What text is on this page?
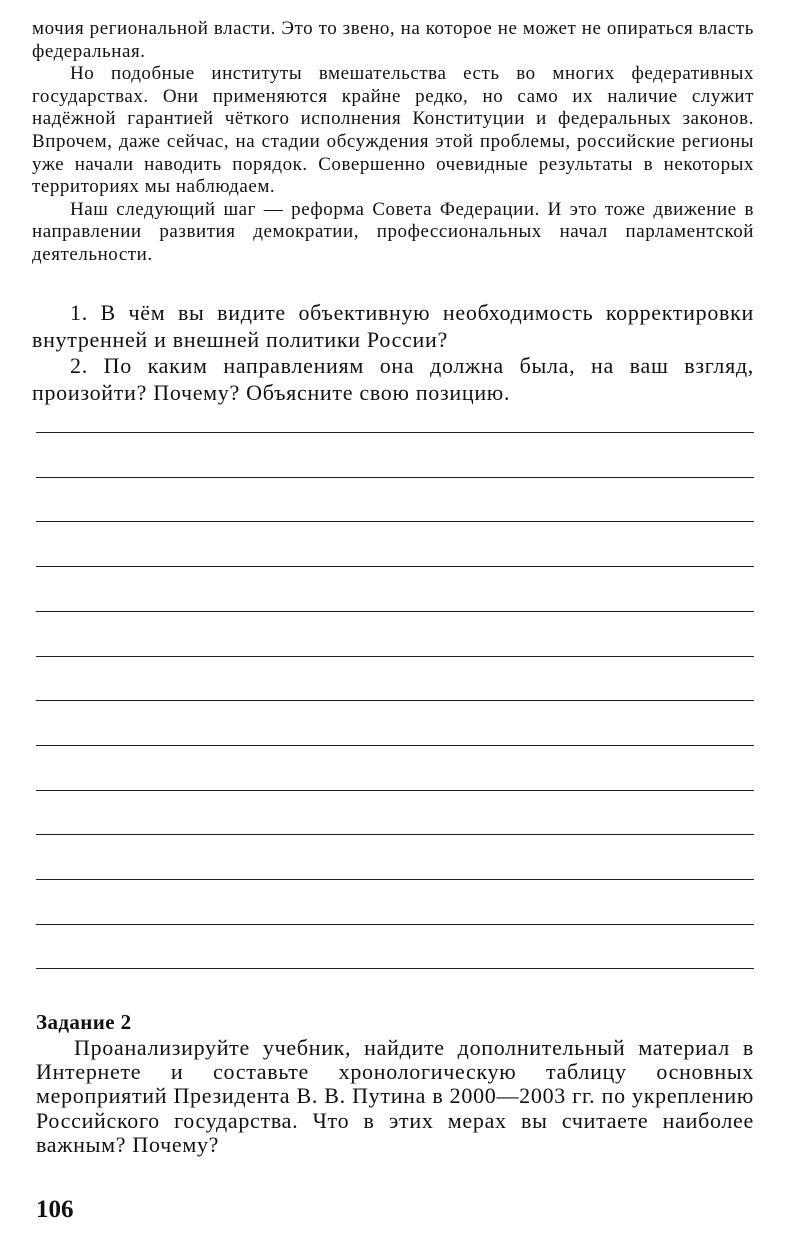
мочия региональной власти. Это то звено, на которое не может не опираться власть федеральная.

Но подобные институты вмешательства есть во многих федеративных государствах. Они применяются крайне редко, но само их наличие служит надёжной гарантией чёткого исполнения Конституции и федеральных законов. Впрочем, даже сейчас, на стадии обсуждения этой проблемы, российские регионы уже начали наводить порядок. Совершенно очевидные результаты в некоторых территориях мы наблюдаем.

Наш следующий шаг — реформа Совета Федерации. И это тоже движение в направлении развития демократии, профессиональных начал парламентской деятельности.

1. В чём вы видите объективную необходимость корректировки внутренней и внешней политики России?

2. По каким направлениям она должна была, на ваш взгляд, произойти? Почему? Объясните свою позицию.

Задание 2

Проанализируйте учебник, найдите дополнительный материал в Интернете и составьте хронологическую таблицу основных мероприятий Президента В. В. Путина в 2000—2003 гг. по укреплению Российского государства. Что в этих мерах вы считаете наиболее важным? Почему?

106
